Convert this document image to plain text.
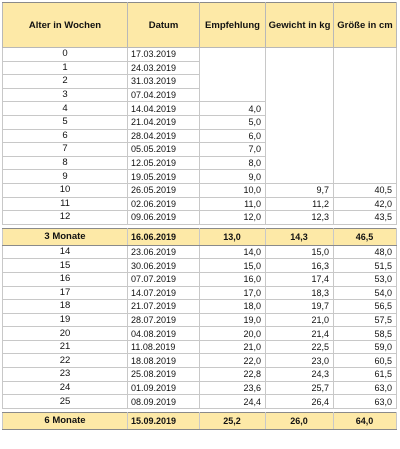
Alter in Wochen	Datum	Empfehlung	Gewicht in kg	Größe in cm
0	17.03.2019			
1	24.03.2019			
2	31.03.2019			
3	07.04.2019			
4	14.04.2019	4,0		
5	21.04.2019	5,0		
6	28.04.2019	6,0		
7	05.05.2019	7,0		
8	12.05.2019	8,0		
9	19.05.2019	9,0		
10	26.05.2019	10,0	9,7	40,5
11	02.06.2019	11,0	11,2	42,0
12	09.06.2019	12,0	12,3	43,5

3 Monate	16.06.2019	13,0	14,3	46,5
14	23.06.2019	14,0	15,0	48,0
15	30.06.2019	15,0	16,3	51,5
16	07.07.2019	16,0	17,4	53,0
17	14.07.2019	17,0	18,3	54,0
18	21.07.2019	18,0	19,7	56,5
19	28.07.2019	19,0	21,0	57,5
20	04.08.2019	20,0	21,4	58,5
21	11.08.2019	21,0	22,5	59,0
22	18.08.2019	22,0	23,0	60,5
23	25.08.2019	22,8	24,3	61,5
24	01.09.2019	23,6	25,7	63,0
25	08.09.2019	24,4	26,4	63,0

6 Monate	15.09.2019	25,2	26,0	64,0
